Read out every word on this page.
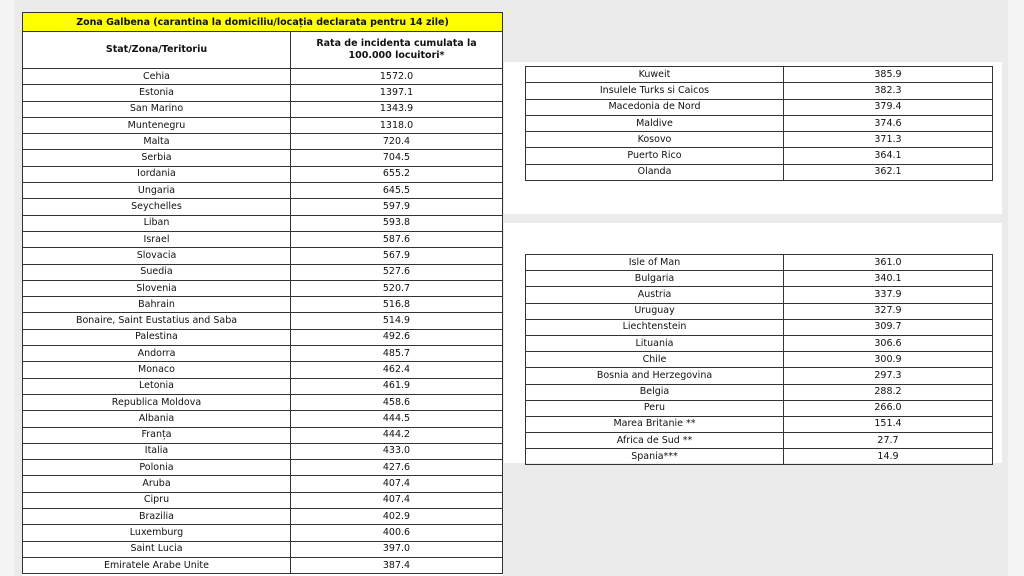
Zona Galbena (carantina la domiciliu/locația declarata pentru 14 zile)	
Stat/Zona/Teritoriu	Rata de incidenta cumulata la
100.000 locuitori*
Cehia	1572.0
Estonia	1397.1
San Marino	1343.9
Muntenegru	1318.0
Malta	720.4
Serbia	704.5
Iordania	655.2
Ungaria	645.5
Seychelles	597.9
Liban	593.8
Israel	587.6
Slovacia	567.9
Suedia	527.6
Slovenia	520.7
Bahrain	516.8
Bonaire, Saint Eustatius and Saba	514.9
Palestina	492.6
Andorra	485.7
Monaco	462.4
Letonia	461.9
Republica Moldova	458.6
Albania	444.5
Franța	444.2
Italia	433.0
Polonia	427.6
Aruba	407.4
Cipru	407.4
Brazilia	402.9
Luxemburg	400.6
Saint Lucia	397.0
Emiratele Arabe Unite	387.4
Kuweit	385.9
Insulele Turks si Caicos	382.3
Macedonia de Nord	379.4
Maldive	374.6
Kosovo	371.3
Puerto Rico	364.1
Olanda	362.1
Isle of Man	361.0
Bulgaria	340.1
Austria	337.9
Uruguay	327.9
Liechtenstein	309.7
Lituania	306.6
Chile	300.9
Bosnia and Herzegovina	297.3
Belgia	288.2
Peru	266.0
Marea Britanie **	151.4
Africa de Sud **	27.7
Spania***	14.9
